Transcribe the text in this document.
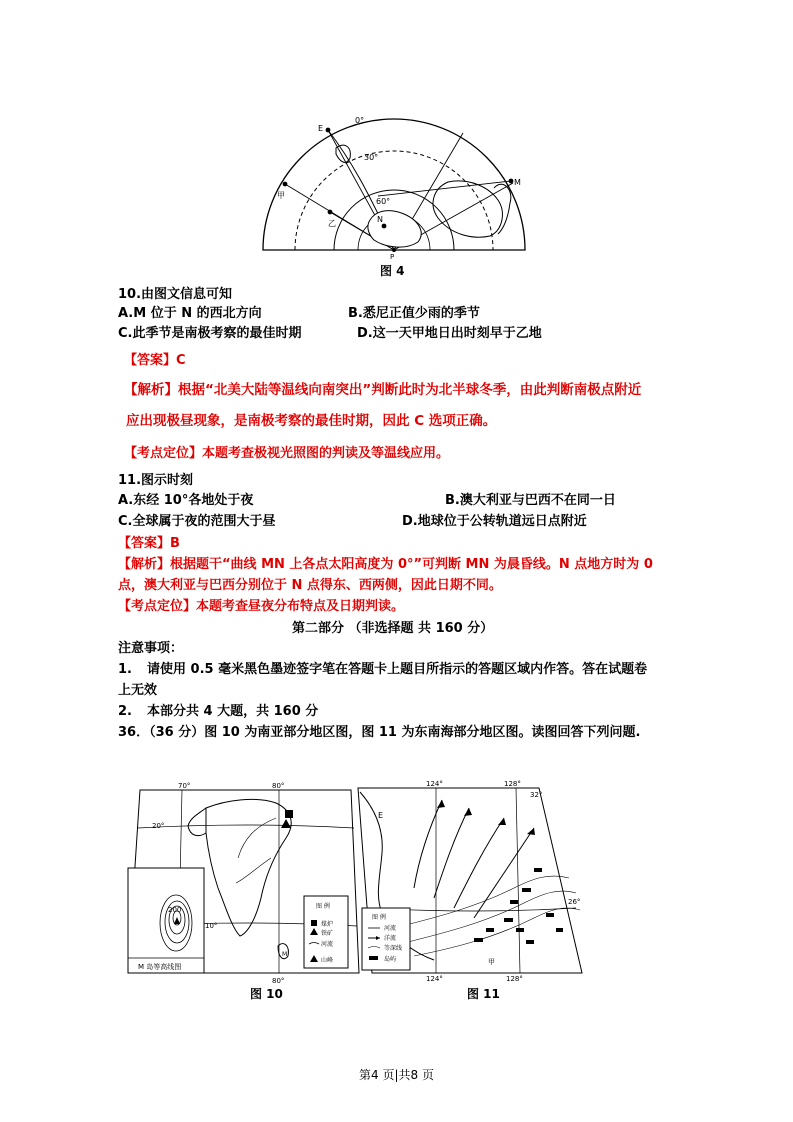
E
0°
30°
60°
甲
乙	N
M
P
图 4
10.由图文信息可知
A.M 位于 N 的西北方向	B.悉尼正值少雨的季节
C.此季节是南极考察的最佳时期	D.这一天甲地日出时刻早于乙地
【答案】C
【解析】根据“北美大陆等温线向南突出”判断此时为北半球冬季，由此判断南极点附近
应出现极昼现象，是南极考察的最佳时期，因此 C 选项正确。
【考点定位】本题考查极视光照图的判读及等温线应用。
11.图示时刻
A.东经 10°各地处于夜	B.澳大利亚与巴西不在同一日
C.全球属于夜的范围大于昼	D.地球位于公转轨道远日点附近
【答案】B
【解析】根据题干“曲线 MN 上各点太阳高度为 0°”可判断 MN 为晨昏线。N 点地方时为 0
点，澳大利亚与巴西分别位于 N 点得东、西两侧，因此日期不同。
【考点定位】本题考查昼夜分布特点及日期判读。
第二部分 （非选择题 共 160 分）
注意事项：
1. 请使用 0.5 毫米黑色墨迹签字笔在答题卡上题目所指示的答题区域内作答。答在试题卷
上无效
2. 本部分共 4 大题，共 160 分
36．（36 分）图 10 为南亚部分地区图，图 11 为东南海部分地区图。读图回答下列问题.
70°	80°
20°
10°
80°
200
M
M 岛等高线图
图 例
煤炉
铁矿
河流
山峰
图 10
124°	128°
32°
26°
E
甲
124°	128°
图 例
河流
洋流
等深线
岛屿
图 11
第4 页|共8 页
